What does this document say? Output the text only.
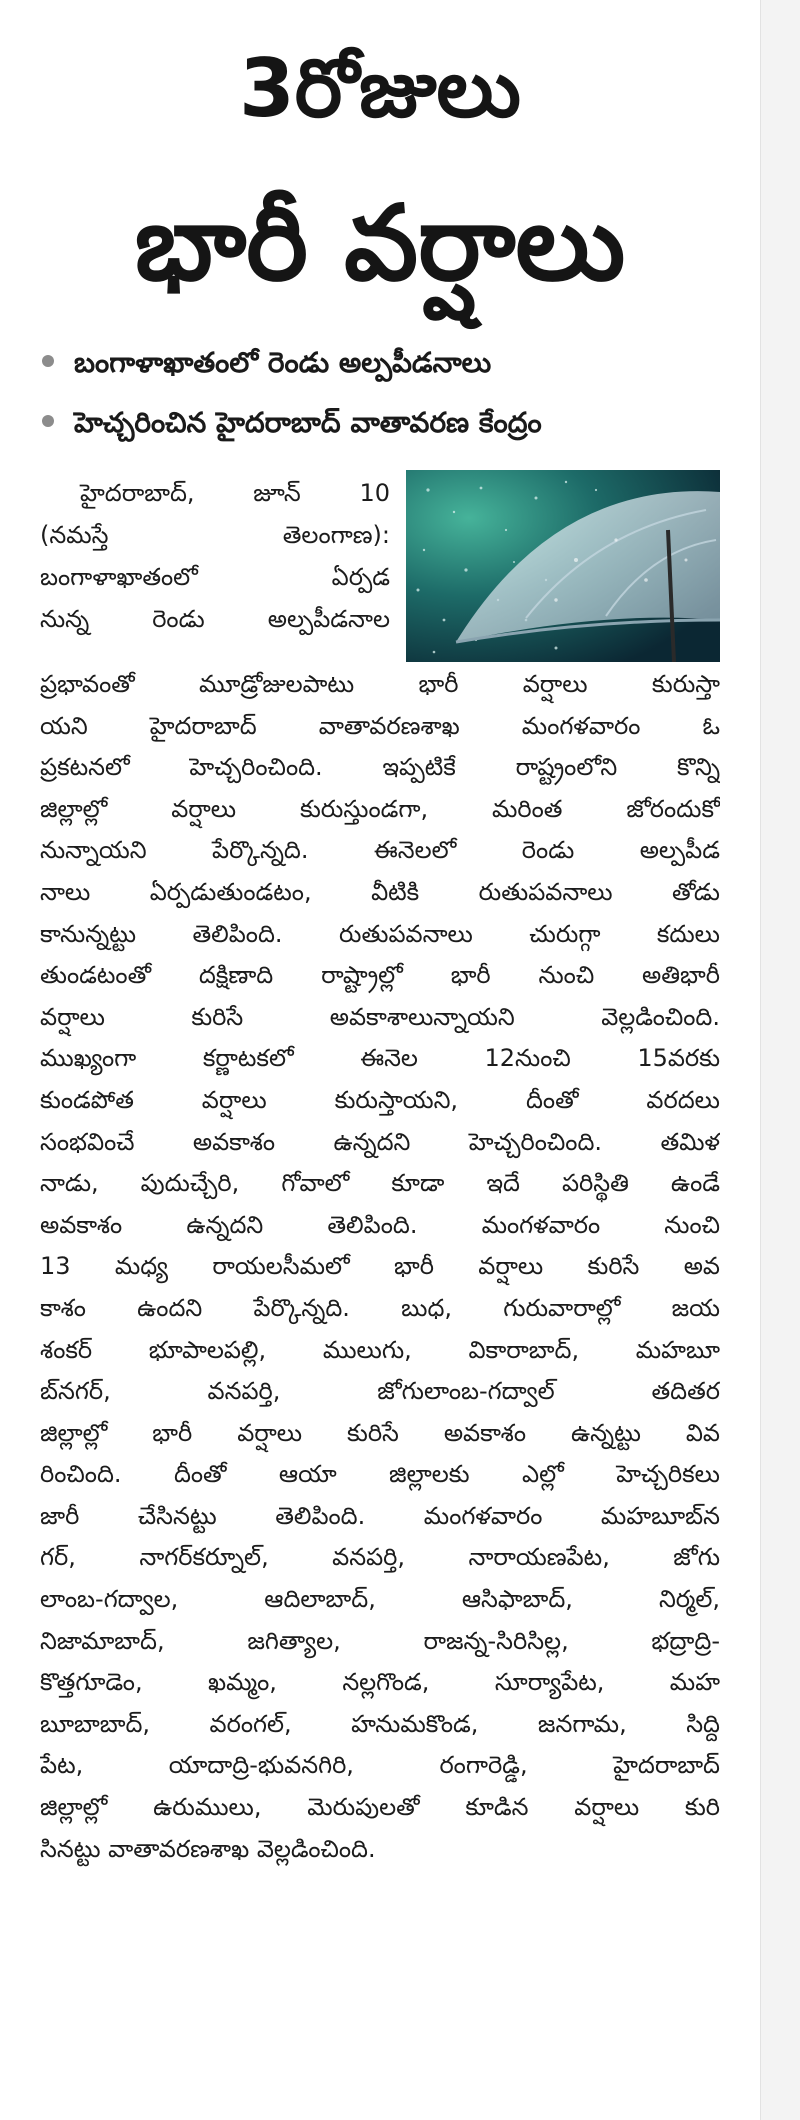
3రోజులు
భారీ వర్షాలు
బంగాళాఖాతంలో రెండు అల్పపీడనాలు
హెచ్చరించిన హైదరాబాద్ వాతావరణ కేంద్రం
హైదరాబాద్, జూన్ 10
(నమస్తే తెలంగాణ):
బంగాళాఖాతంలో ఏర్పడ
నున్న రెండు అల్పపీడనాల
ప్రభావంతో మూడ్రోజులపాటు భారీ వర్షాలు కురుస్తా
యని హైదరాబాద్ వాతావరణశాఖ మంగళవారం ఓ
ప్రకటనలో హెచ్చరించింది. ఇప్పటికే రాష్ట్రంలోని కొన్ని
జిల్లాల్లో వర్షాలు కురుస్తుండగా, మరింత జోరందుకో
నున్నాయని పేర్కొన్నది. ఈనెలలో రెండు అల్పపీడ
నాలు ఏర్పడుతుండటం, వీటికి రుతుపవనాలు తోడు
కానున్నట్టు తెలిపింది. రుతుపవనాలు చురుగ్గా కదులు
తుండటంతో దక్షిణాది రాష్ట్రాల్లో భారీ నుంచి అతిభారీ
వర్షాలు కురిసే అవకాశాలున్నాయని వెల్లడించింది.
ముఖ్యంగా కర్ణాటకలో ఈనెల 12నుంచి 15వరకు
కుండపోత వర్షాలు కురుస్తాయని, దీంతో వరదలు
సంభవించే అవకాశం ఉన్నదని హెచ్చరించింది. తమిళ
నాడు, పుదుచ్చేరి, గోవాలో కూడా ఇదే పరిస్థితి ఉండే
అవకాశం ఉన్నదని తెలిపింది. మంగళవారం నుంచి
13 మధ్య రాయలసీమలో భారీ వర్షాలు కురిసే అవ
కాశం ఉందని పేర్కొన్నది. బుధ, గురువారాల్లో జయ
శంకర్ భూపాలపల్లి, ములుగు, వికారాబాద్, మహబూ
బ్‌నగర్, వనపర్తి, జోగులాంబ-గద్వాల్ తదితర
జిల్లాల్లో భారీ వర్షాలు కురిసే అవకాశం ఉన్నట్టు వివ
రించింది. దీంతో ఆయా జిల్లాలకు ఎల్లో హెచ్చరికలు
జారీ చేసినట్టు తెలిపింది. మంగళవారం మహబూబ్‌న
గర్, నాగర్‌కర్నూల్, వనపర్తి, నారాయణపేట, జోగు
లాంబ-గద్వాల, ఆదిలాబాద్, ఆసిఫాబాద్, నిర్మల్,
నిజామాబాద్, జగిత్యాల, రాజన్న-సిరిసిల్ల, భద్రాద్రి-
కొత్తగూడెం, ఖమ్మం, నల్లగొండ, సూర్యాపేట, మహ
బూబాబాద్, వరంగల్, హనుమకొండ, జనగామ, సిద్ది
పేట, యాదాద్రి-భువనగిరి, రంగారెడ్డి, హైదరాబాద్
జిల్లాల్లో ఉరుములు, మెరుపులతో కూడిన వర్షాలు కురి
సినట్టు వాతావరణశాఖ వెల్లడించింది.
